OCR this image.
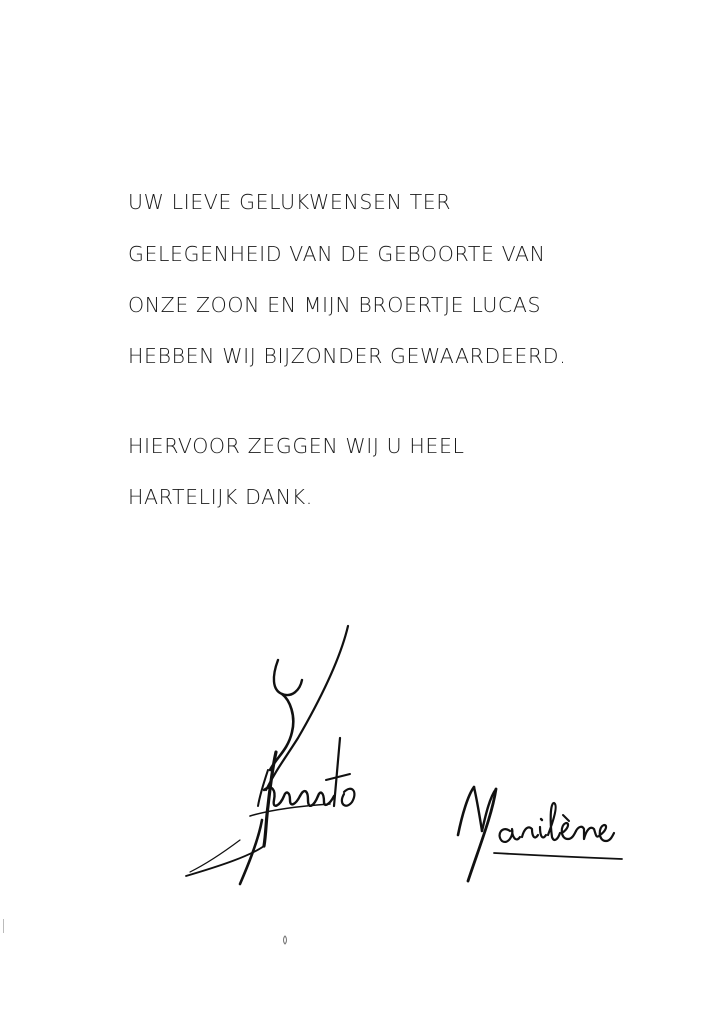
UW LIEVE GELUKWENSEN TER
GELEGENHEID VAN DE GEBOORTE VAN
ONZE ZOON EN MIJN BROERTJE LUCAS
HEBBEN WIJ BIJZONDER GEWAARDEERD.
HIERVOOR ZEGGEN WIJ U HEEL
HARTELIJK DANK.
